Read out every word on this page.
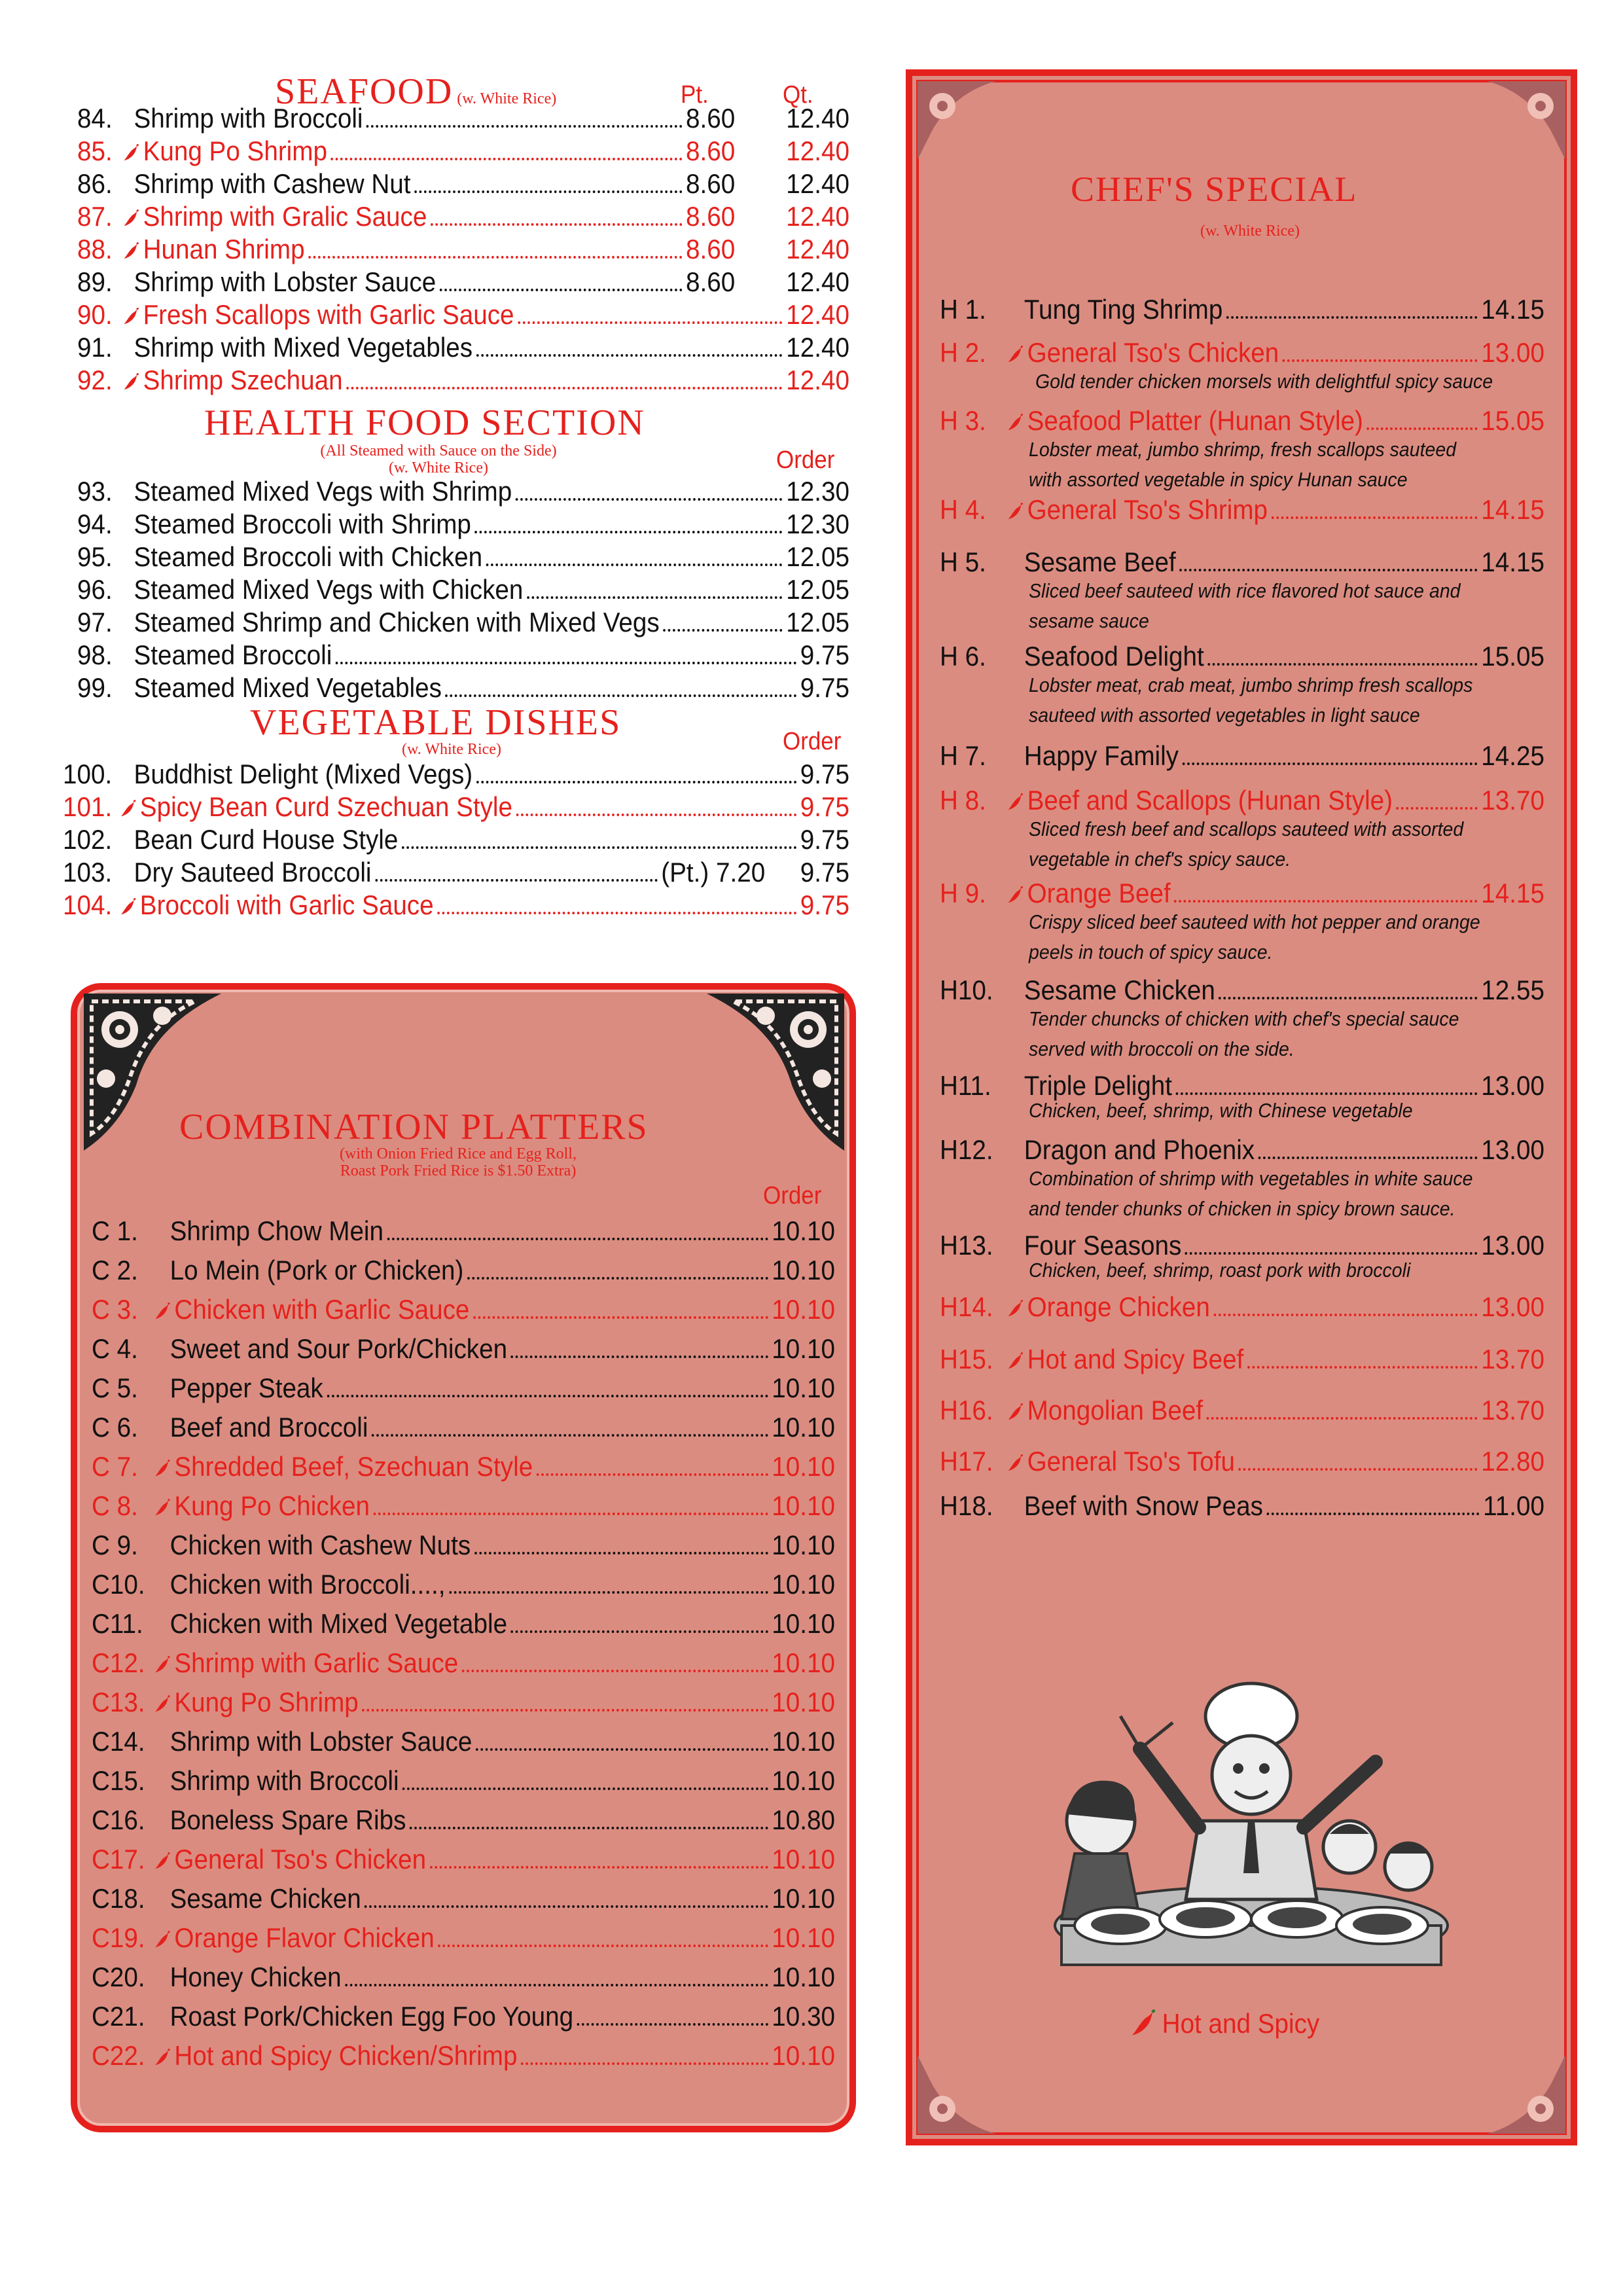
SEAFOOD (w. White Rice)	Pt.	Qt.
HEALTH FOOD SECTION
(All Steamed with Sauce on the Side)
(w. White Rice)	Order
VEGETABLE DISHES
(w. White Rice)	Order
COMBINATION PLATTERS
(with Onion Fried Rice and Egg Roll,
Roast Pork Fried Rice is $1.50 Extra)
Order
CHEF'S SPECIAL
(w. White Rice)
Hot and Spicy
84. Shrimp with Broccoli	8.60	12.40
85.	Kung Po Shrimp	8.60	12.40
86. Shrimp with Cashew Nut	8.60	12.40
87.	Shrimp with Gralic Sauce	8.60	12.40
88.	Hunan Shrimp	8.60	12.40
89. Shrimp with Lobster Sauce	8.60	12.40
90.	Fresh Scallops with Garlic Sauce	12.40
91. Shrimp with Mixed Vegetables	12.40
92.	Shrimp Szechuan	12.40
93. Steamed Mixed Vegs with Shrimp	12.30
94. Steamed Broccoli with Shrimp	12.30
95. Steamed Broccoli with Chicken	12.05
96. Steamed Mixed Vegs with Chicken	12.05
97. Steamed Shrimp and Chicken with Mixed Vegs	12.05
98. Steamed Broccoli	9.75
99. Steamed Mixed Vegetables	9.75
100. Buddhist Delight (Mixed Vegs)	9.75
101.	Spicy Bean Curd Szechuan Style	9.75
102. Bean Curd House Style	9.75
103. Dry Sauteed Broccoli	(Pt.) 7.20	9.75
104.	Broccoli with Garlic Sauce	9.75
C 1.	Shrimp Chow Mein	10.10
C 2.	Lo Mein (Pork or Chicken)	10.10
C 3.	Chicken with Garlic Sauce	10.10
C 4.	Sweet and Sour Pork/Chicken	10.10
C 5.	Pepper Steak	10.10
C 6.	Beef and Broccoli	10.10
C 7.	Shredded Beef, Szechuan Style	10.10
C 8.	Kung Po Chicken	10.10
C 9.	Chicken with Cashew Nuts	10.10
C10. Chicken with Broccoli....,	10.10
C11. Chicken with Mixed Vegetable	10.10
C12.	Shrimp with Garlic Sauce	10.10
C13.	Kung Po Shrimp	10.10
C14. Shrimp with Lobster Sauce	10.10
C15. Shrimp with Broccoli	10.10
C16. Boneless Spare Ribs	10.80
C17.	General Tso's Chicken	10.10
C18. Sesame Chicken	10.10
C19.	Orange Flavor Chicken	10.10
C20. Honey Chicken	10.10
C21. Roast Pork/Chicken Egg Foo Young	10.30
C22.	Hot and Spicy Chicken/Shrimp	10.10
H 1.	Tung Ting Shrimp	14.15
H 2.	General Tso's Chicken	13.00
Gold tender chicken morsels with delightful spicy sauce
H 3.	Seafood Platter (Hunan Style)	15.05
Lobster meat, jumbo shrimp, fresh scallops sauteed
with assorted vegetable in spicy Hunan sauce
H 4.	General Tso's Shrimp	14.15
H 5.	Sesame Beef	14.15
Sliced beef sauteed with rice flavored hot sauce and
sesame sauce
H 6.	Seafood Delight	15.05
Lobster meat, crab meat, jumbo shrimp fresh scallops
sauteed with assorted vegetables in light sauce
H 7.	Happy Family	14.25
H 8.	Beef and Scallops (Hunan Style)	13.70
Sliced fresh beef and scallops sauteed with assorted
vegetable in chef's spicy sauce.
H 9.	Orange Beef	14.15
Crispy sliced beef sauteed with hot pepper and orange
peels in touch of spicy sauce.
H10.	Sesame Chicken	12.55
Tender chuncks of chicken with chef's special sauce
served with broccoli on the side.
H11.	Triple Delight	13.00
Chicken, beef, shrimp, with Chinese vegetable
H12.	Dragon and Phoenix	13.00
Combination of shrimp with vegetables in white sauce
and tender chunks of chicken in spicy brown sauce.
H13.	Four Seasons	13.00
Chicken, beef, shrimp, roast pork with broccoli
H14.	Orange Chicken	13.00
H15.	Hot and Spicy Beef	13.70
H16.	Mongolian Beef	13.70
H17.	General Tso's Tofu	12.80
H18.	Beef with Snow Peas	11.00
